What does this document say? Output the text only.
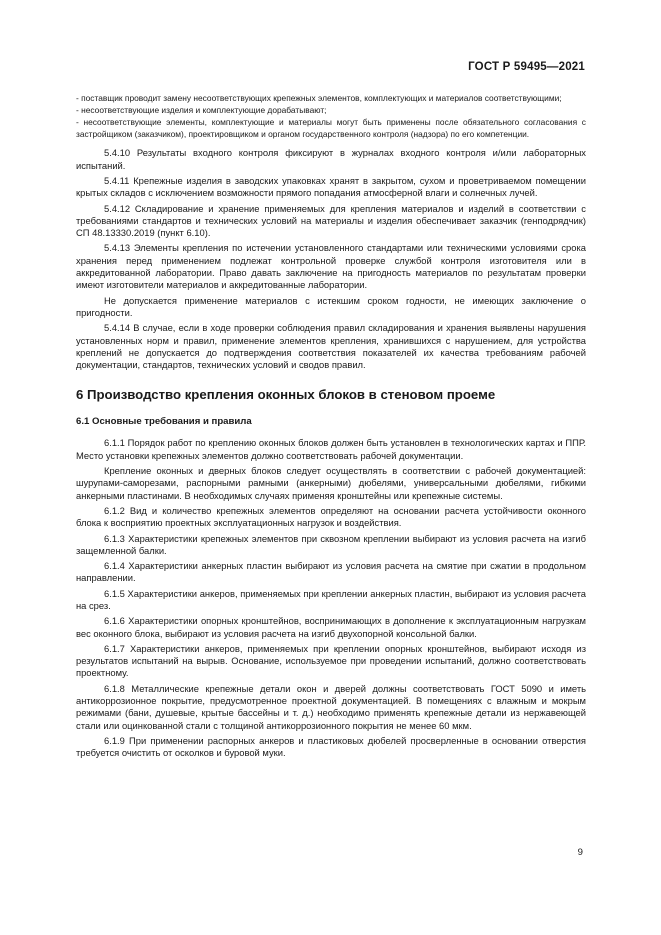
ГОСТ Р 59495—2021

- поставщик проводит замену несоответствующих крепежных элементов, комплектующих и материалов соответствующими;

- несоответствующие изделия и комплектующие дорабатывают;

- несоответствующие элементы, комплектующие и материалы могут быть применены после обязательного согласования с застройщиком (заказчиком), проектировщиком и органом государственного контроля (надзора) по его компетенции.

5.4.10 Результаты входного контроля фиксируют в журналах входного контроля и/или лабораторных испытаний.

5.4.11 Крепежные изделия в заводских упаковках хранят в закрытом, сухом и проветриваемом помещении крытых складов с исключением возможности прямого попадания атмосферной влаги и солнечных лучей.

5.4.12 Складирование и хранение применяемых для крепления материалов и изделий в соответствии с требованиями стандартов и технических условий на материалы и изделия обеспечивает заказчик (генподрядчик) СП 48.13330.2019 (пункт 6.10).

5.4.13 Элементы крепления по истечении установленного стандартами или техническими условиями срока хранения перед применением подлежат контрольной проверке службой контроля изготовителя или в аккредитованной лаборатории. Право давать заключение на пригодность материалов по результатам проверки имеют изготовители материалов и аккредитованные лаборатории.

Не допускается применение материалов с истекшим сроком годности, не имеющих заключение о пригодности.

5.4.14 В случае, если в ходе проверки соблюдения правил складирования и хранения выявлены нарушения установленных норм и правил, применение элементов крепления, хранившихся с нарушением, для устройства креплений не допускается до подтверждения соответствия показателей их качества требованиям рабочей документации, стандартов, технических условий и сводов правил.

6 Производство крепления оконных блоков в стеновом проеме

6.1 Основные требования и правила

6.1.1 Порядок работ по креплению оконных блоков должен быть установлен в технологических картах и ППР. Место установки крепежных элементов должно соответствовать рабочей документации.

Крепление оконных и дверных блоков следует осуществлять в соответствии с рабочей документацией: шурупами-саморезами, распорными рамными (анкерными) дюбелями, универсальными дюбелями, гибкими анкерными пластинами. В необходимых случаях применяя кронштейны или крепежные системы.

6.1.2 Вид и количество крепежных элементов определяют на основании расчета устойчивости оконного блока к восприятию проектных эксплуатационных нагрузок и воздействия.

6.1.3 Характеристики крепежных элементов при сквозном креплении выбирают из условия расчета на изгиб защемленной балки.

6.1.4 Характеристики анкерных пластин выбирают из условия расчета на смятие при сжатии в продольном направлении.

6.1.5 Характеристики анкеров, применяемых при креплении анкерных пластин, выбирают из условия расчета на срез.

6.1.6 Характеристики опорных кронштейнов, воспринимающих в дополнение к эксплуатационным нагрузкам вес оконного блока, выбирают из условия расчета на изгиб двухопорной консольной балки.

6.1.7 Характеристики анкеров, применяемых при креплении опорных кронштейнов, выбирают исходя из результатов испытаний на вырыв. Основание, используемое при проведении испытаний, должно соответствовать проектному.

6.1.8 Металлические крепежные детали окон и дверей должны соответствовать ГОСТ 5090 и иметь антикоррозионное покрытие, предусмотренное проектной документацией. В помещениях с влажным и мокрым режимами (бани, душевые, крытые бассейны и т. д.) необходимо применять крепежные детали из нержавеющей стали или оцинкованной стали с толщиной антикоррозионного покрытия не менее 60 мкм.

6.1.9 При применении распорных анкеров и пластиковых дюбелей просверленные в основании отверстия требуется очистить от осколков и буровой муки.

9
